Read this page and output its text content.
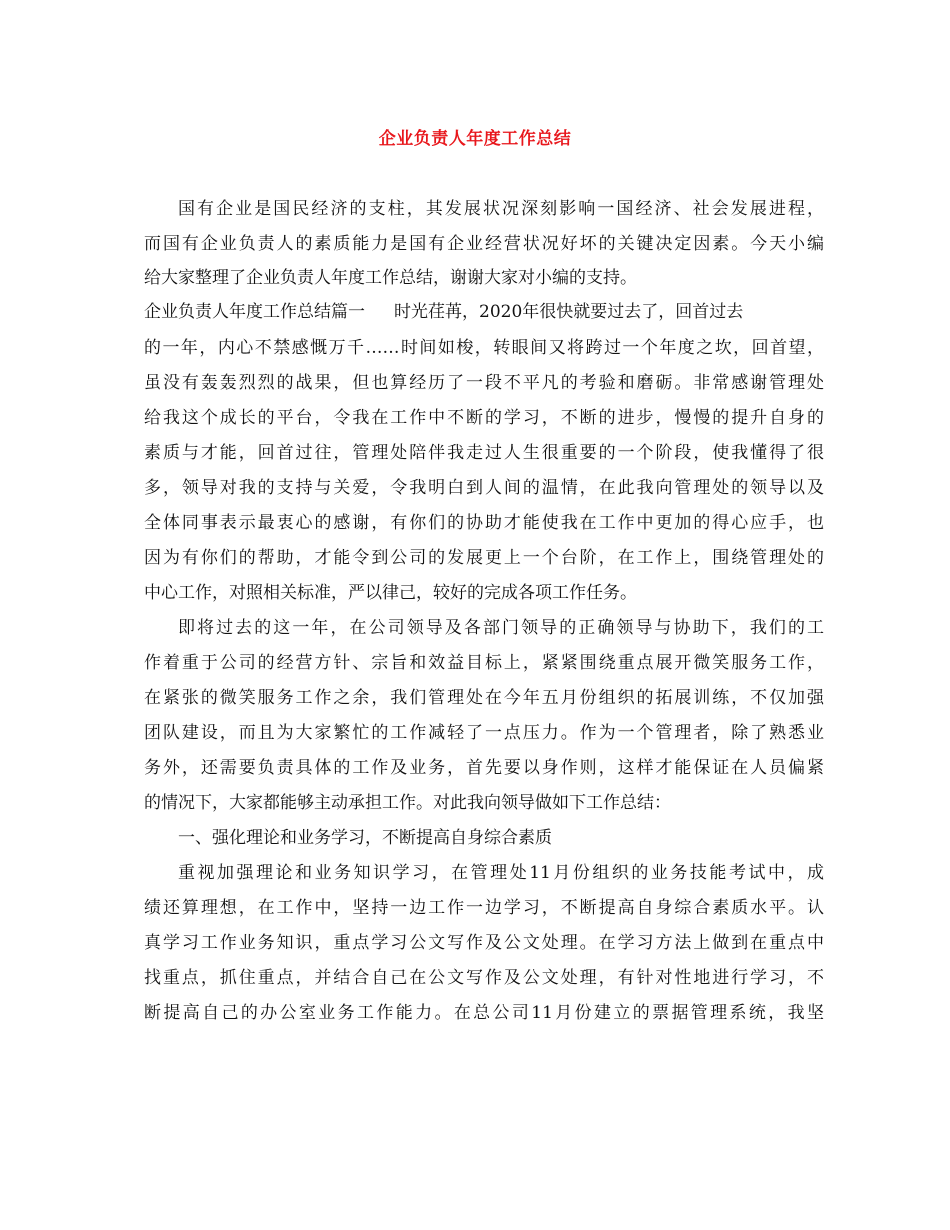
企业负责人年度工作总结
国有企业是国民经济的支柱，其发展状况深刻影响一国经济、社会发展进程，
而国有企业负责人的素质能力是国有企业经营状况好坏的关键决定因素。今天小编
给大家整理了企业负责人年度工作总结，谢谢大家对小编的支持。
企业负责人年度工作总结篇一 时光荏苒，2020年很快就要过去了，回首过去
的一年，内心不禁感慨万千……时间如梭，转眼间又将跨过一个年度之坎，回首望，
虽没有轰轰烈烈的战果，但也算经历了一段不平凡的考验和磨砺。非常感谢管理处
给我这个成长的平台，令我在工作中不断的学习，不断的进步，慢慢的提升自身的
素质与才能，回首过往，管理处陪伴我走过人生很重要的一个阶段，使我懂得了很
多，领导对我的支持与关爱，令我明白到人间的温情，在此我向管理处的领导以及
全体同事表示最衷心的感谢，有你们的协助才能使我在工作中更加的得心应手，也
因为有你们的帮助，才能令到公司的发展更上一个台阶，在工作上，围绕管理处的
中心工作，对照相关标准，严以律己，较好的完成各项工作任务。
即将过去的这一年，在公司领导及各部门领导的正确领导与协助下，我们的工
作着重于公司的经营方针、宗旨和效益目标上，紧紧围绕重点展开微笑服务工作，
在紧张的微笑服务工作之余，我们管理处在今年五月份组织的拓展训练，不仅加强
团队建设，而且为大家繁忙的工作减轻了一点压力。作为一个管理者，除了熟悉业
务外，还需要负责具体的工作及业务，首先要以身作则，这样才能保证在人员偏紧
的情况下，大家都能够主动承担工作。对此我向领导做如下工作总结：
一、强化理论和业务学习，不断提高自身综合素质
重视加强理论和业务知识学习，在管理处11月份组织的业务技能考试中，成
绩还算理想，在工作中，坚持一边工作一边学习，不断提高自身综合素质水平。认
真学习工作业务知识，重点学习公文写作及公文处理。在学习方法上做到在重点中
找重点，抓住重点，并结合自己在公文写作及公文处理，有针对性地进行学习，不
断提高自己的办公室业务工作能力。在总公司11月份建立的票据管理系统，我坚
